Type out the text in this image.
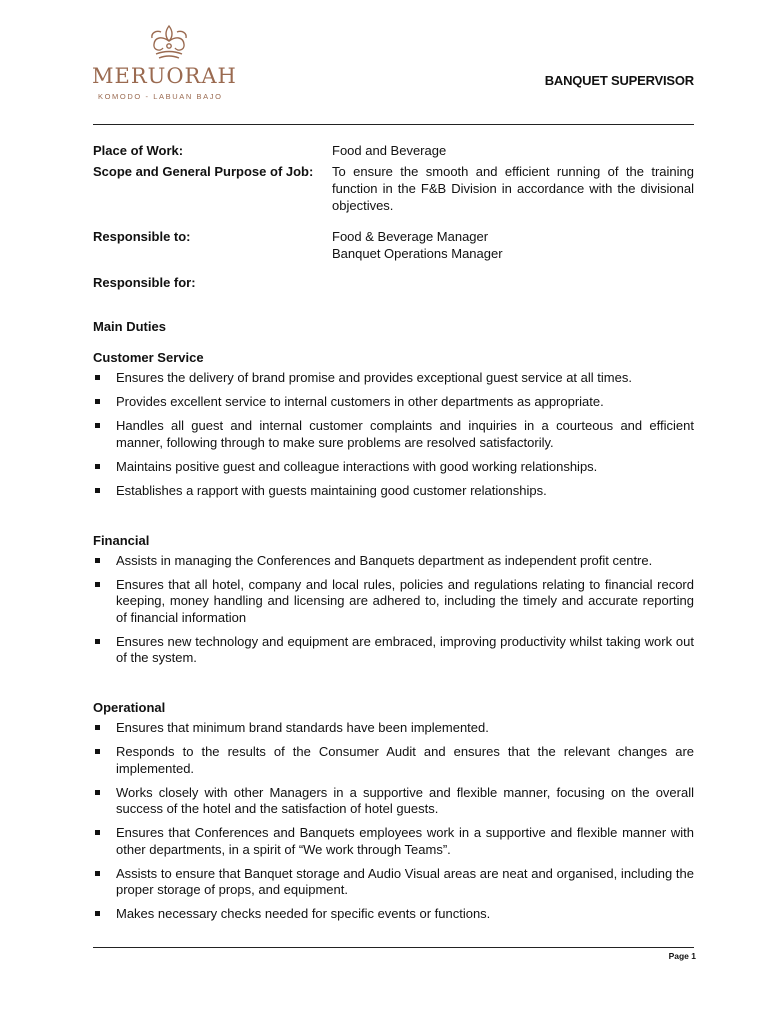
MERUORAH
KOMODO - LABUAN BAJO
BANQUET SUPERVISOR
Place of Work:	Food and Beverage
Scope and General Purpose of Job:	To ensure the smooth and efficient running of the training function in the F&B Division in accordance with the divisional objectives.
Responsible to:	Food & Beverage Manager
Banquet Operations Manager
Responsible for:
Main Duties
Customer Service
Ensures the delivery of brand promise and provides exceptional guest service at all times.
Provides excellent service to internal customers in other departments as appropriate.
Handles all guest and internal customer complaints and inquiries in a courteous and efficient manner, following through to make sure problems are resolved satisfactorily.
Maintains positive guest and colleague interactions with good working relationships.
Establishes a rapport with guests maintaining good customer relationships.
Financial
Assists in managing the Conferences and Banquets department as independent profit centre.
Ensures that all hotel, company and local rules, policies and regulations relating to financial record keeping, money handling and licensing are adhered to, including the timely and accurate reporting of financial information
Ensures new technology and equipment are embraced, improving productivity whilst taking work out of the system.
Operational
Ensures that minimum brand standards have been implemented.
Responds to the results of the Consumer Audit and ensures that the relevant changes are implemented.
Works closely with other Managers in a supportive and flexible manner, focusing on the overall success of the hotel and the satisfaction of hotel guests.
Ensures that Conferences and Banquets employees work in a supportive and flexible manner with other departments, in a spirit of “We work through Teams”.
Assists to ensure that Banquet storage and Audio Visual areas are neat and organised, including the proper storage of props, and equipment.
Makes necessary checks needed for specific events or functions.
Page 1
